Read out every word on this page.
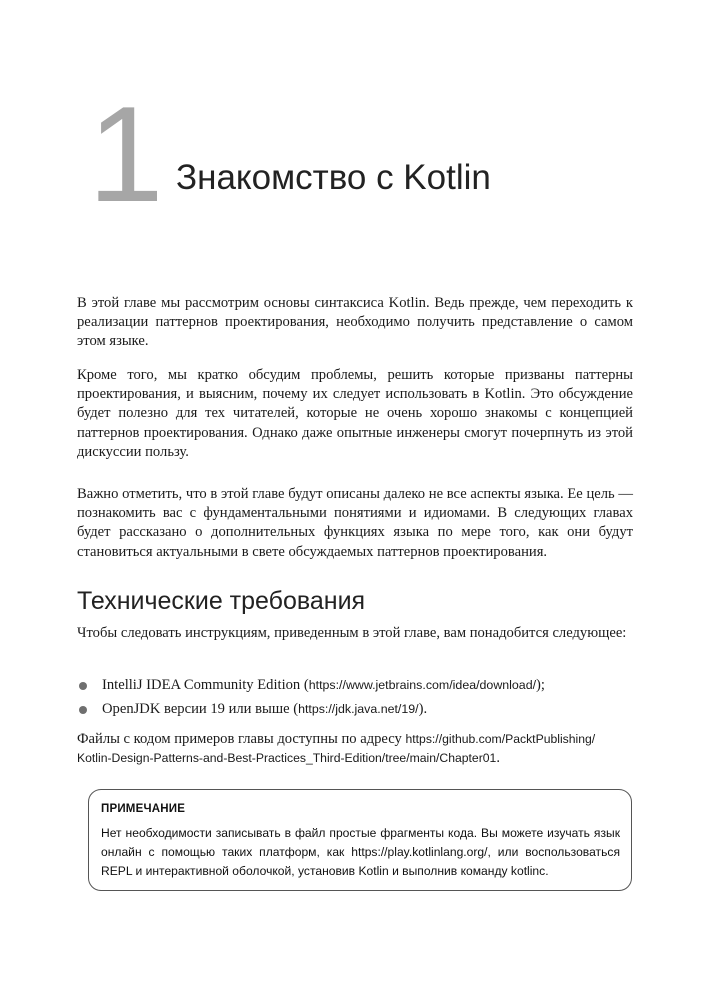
1 Знакомство с Kotlin

В этой главе мы рассмотрим основы синтаксиса Kotlin. Ведь прежде, чем переходить к реализации паттернов проектирования, необходимо получить представление о самом этом языке.

Кроме того, мы кратко обсудим проблемы, решить которые призваны паттерны проектирования, и выясним, почему их следует использовать в Kotlin. Это обсуждение будет полезно для тех читателей, которые не очень хорошо знакомы с концепцией паттернов проектирования. Однако даже опытные инженеры смогут почерпнуть из этой дискуссии пользу.

Важно отметить, что в этой главе будут описаны далеко не все аспекты языка. Ее цель — познакомить вас с фундаментальными понятиями и идиомами. В следующих главах будет рассказано о дополнительных функциях языка по мере того, как они будут становиться актуальными в свете обсуждаемых паттернов проектирования.

Технические требования

Чтобы следовать инструкциям, приведенным в этой главе, вам понадобится следующее:

IntelliJ IDEA Community Edition (https://www.jetbrains.com/idea/download/);
OpenJDK версии 19 или выше (https://jdk.java.net/19/).

Файлы с кодом примеров главы доступны по адресу https://github.com/PacktPublishing/
Kotlin-Design-Patterns-and-Best-Practices_Third-Edition/tree/main/Chapter01.

ПРИМЕЧАНИЕ

Нет необходимости записывать в файл простые фрагменты кода. Вы можете изучать язык онлайн с помощью таких платформ, как https://play.kotlinlang.org/, или воспользоваться REPL и интерактивной оболочкой, установив Kotlin и выполнив команду kotlinc.
